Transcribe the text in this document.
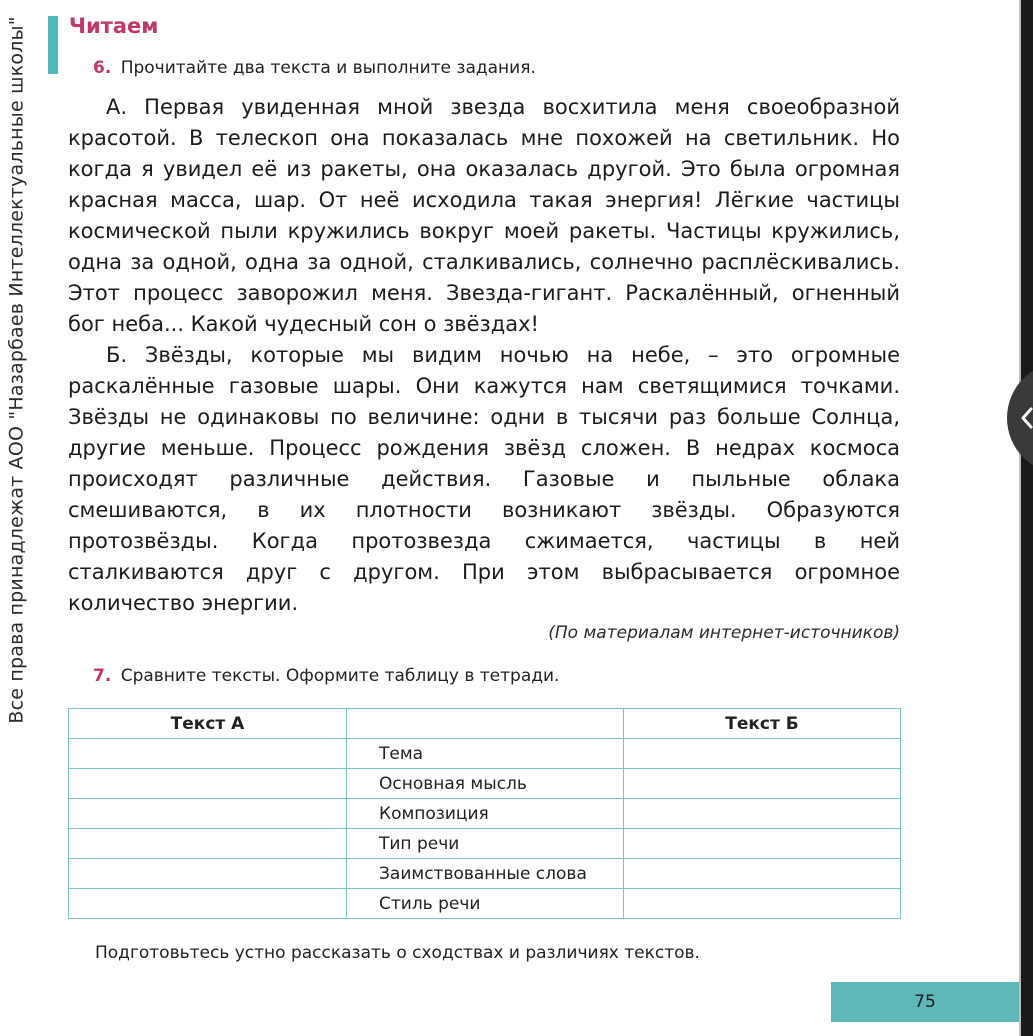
Все права принадлежат АОО "Назарбаев Интеллектуальные школы" Читаем
6. Прочитайте два текста и выполните задания.

А. Первая увиденная мной звезда восхитила меня своеобразной красотой. В телескоп она показалась мне похожей на светильник. Но когда я увидел её из ракеты, она оказалась другой. Это была огромная красная масса, шар. От неё исходила такая энергия! Лёгкие частицы космической пыли кружились вокруг моей ракеты. Частицы кружились, одна за одной, одна за одной, сталкивались, солнечно расплёскивались. Этот процесс заворожил меня. Звезда-гигант. Раскалённый, огненный бог неба... Какой чудесный сон о звёздах!

Б. Звёзды, которые мы видим ночью на небе, – это огромные раскалённые газовые шары. Они кажутся нам светящимися точками. Звёзды не одинаковы по величине: одни в тысячи раз больше Солнца, другие меньше. Процесс рождения звёзд сложен. В недрах космоса происходят различные действия. Газовые и пыльные облака смешиваются, в их плотности возникают звёзды. Образуются протозвёзды. Когда протозвезда сжимается, частицы в ней сталкиваются друг с другом. При этом выбрасывается огромное количество энергии.

(По материалам интернет-источников)
7. Сравните тексты. Оформите таблицу в тетради.
Текст А		Текст Б
	Тема	
	Основная мысль	
	Композиция	
	Тип речи	
	Заимствованные слова	
	Стиль речи	
Подготовьтесь устно рассказать о сходствах и различиях текстов.
75
